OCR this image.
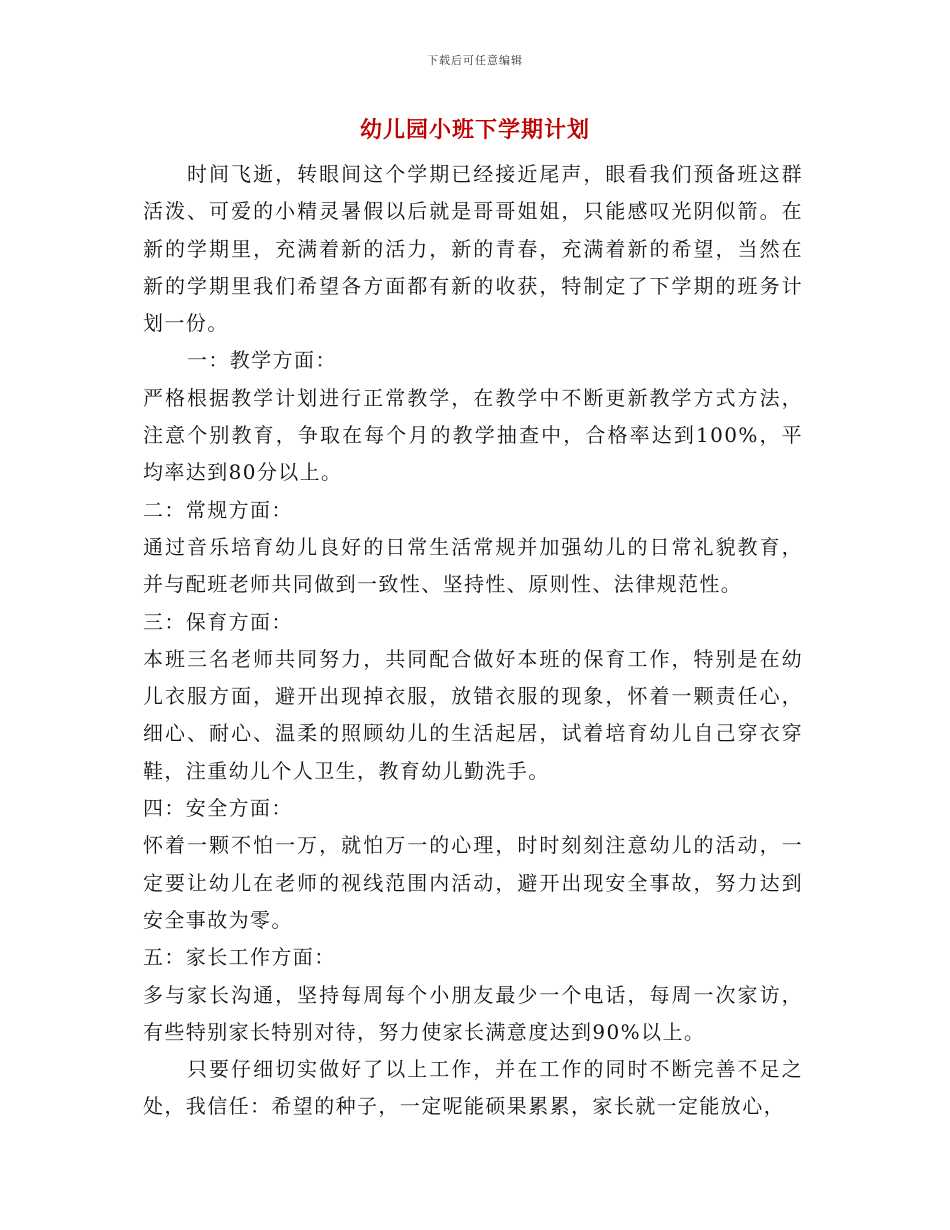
下载后可任意编辑
幼儿园小班下学期计划

时间飞逝，转眼间这个学期已经接近尾声，眼看我们预备班这群活泼、可爱的小精灵暑假以后就是哥哥姐姐，只能感叹光阴似箭。在新的学期里，充满着新的活力，新的青春，充满着新的希望，当然在新的学期里我们希望各方面都有新的收获，特制定了下学期的班务计划一份。

一：教学方面：

严格根据教学计划进行正常教学，在教学中不断更新教学方式方法，注意个别教育，争取在每个月的教学抽查中，合格率达到100%，平均率达到80分以上。

二：常规方面：

通过音乐培育幼儿良好的日常生活常规并加强幼儿的日常礼貌教育，并与配班老师共同做到一致性、坚持性、原则性、法律规范性。

三：保育方面：

本班三名老师共同努力，共同配合做好本班的保育工作，特别是在幼儿衣服方面，避开出现掉衣服，放错衣服的现象，怀着一颗责任心，细心、耐心、温柔的照顾幼儿的生活起居，试着培育幼儿自己穿衣穿鞋，注重幼儿个人卫生，教育幼儿勤洗手。

四：安全方面：

怀着一颗不怕一万，就怕万一的心理，时时刻刻注意幼儿的活动，一定要让幼儿在老师的视线范围内活动，避开出现安全事故，努力达到安全事故为零。

五：家长工作方面：

多与家长沟通，坚持每周每个小朋友最少一个电话，每周一次家访，有些特别家长特别对待，努力使家长满意度达到90%以上。

只要仔细切实做好了以上工作，并在工作的同时不断完善不足之处，我信任：希望的种子，一定呢能硕果累累，家长就一定能放心，
